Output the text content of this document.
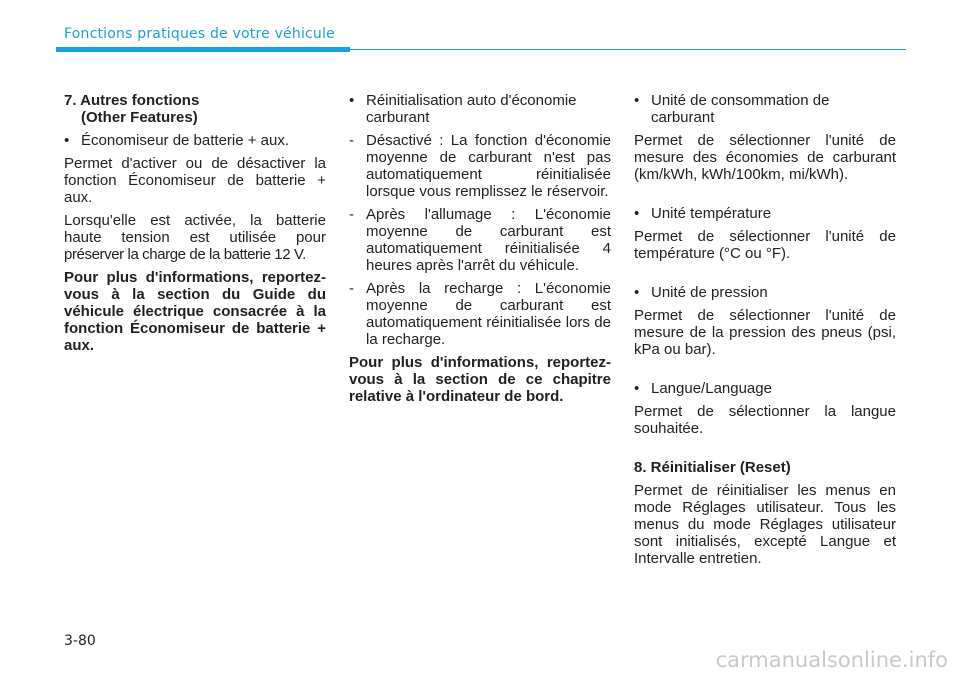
Fonctions pratiques de votre véhicule

7. Autres fonctions
(Other Features)

• Économiseur de batterie + aux.

Permet d'activer ou de désactiver la fonction Économiseur de batterie + aux.

Lorsqu'elle est activée, la batterie haute tension est utilisée pour préserver la charge de la batterie 12 V.

Pour plus d'informations, reportez-vous à la section du Guide du véhicule électrique consacrée à la fonction Économiseur de batterie + aux.

• Réinitialisation auto d'économie carburant

- Désactivé : La fonction d'économie moyenne de carburant n'est pas automatiquement réinitialisée lorsque vous remplissez le réservoir.

- Après l'allumage : L'économie moyenne de carburant est automatiquement réinitialisée 4 heures après l'arrêt du véhicule.

- Après la recharge : L'économie moyenne de carburant est automatiquement réinitialisée lors de la recharge.

Pour plus d'informations, reportez-vous à la section de ce chapitre relative à l'ordinateur de bord.

• Unité de consommation de carburant

Permet de sélectionner l'unité de mesure des économies de carburant (km/kWh, kWh/100km, mi/kWh).

• Unité température

Permet de sélectionner l'unité de température (°C ou °F).

• Unité de pression

Permet de sélectionner l'unité de mesure de la pression des pneus (psi, kPa ou bar).

• Langue/Language

Permet de sélectionner la langue souhaitée.

8. Réinitialiser (Reset)

Permet de réinitialiser les menus en mode Réglages utilisateur. Tous les menus du mode Réglages utilisateur sont initialisés, excepté Langue et Intervalle entretien.

3-80
carmanualsonline.info
